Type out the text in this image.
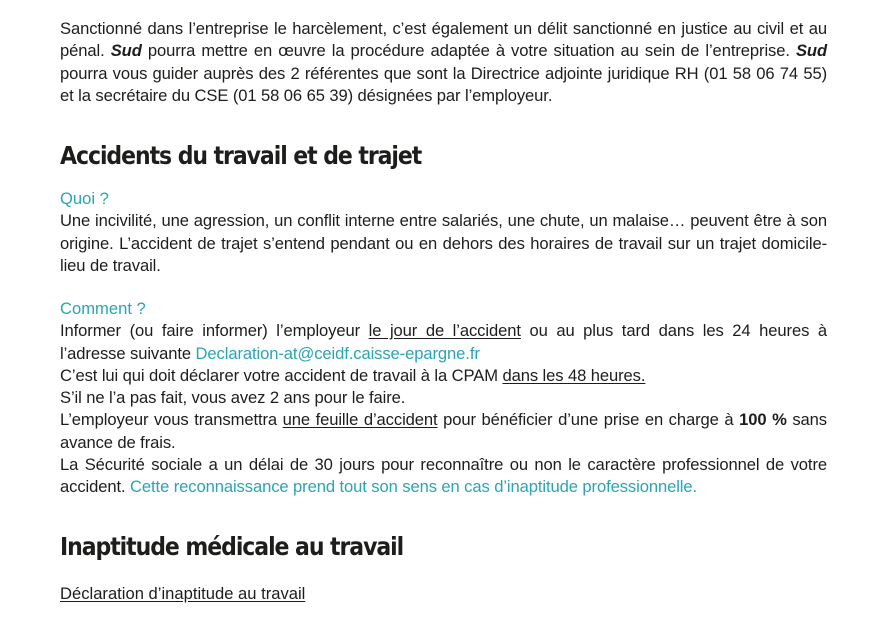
Sanctionné dans l’entreprise le harcèlement, c’est également un délit sanctionné en justice au civil et au pénal. Sud pourra mettre en œuvre la procédure adaptée à votre situation au sein de l’entreprise. Sud pourra vous guider auprès des 2 référentes que sont la Directrice adjointe juridique RH (01 58 06 74 55) et la secrétaire du CSE (01 58 06 65 39) désignées par l’employeur.

Accidents du travail et de trajet

Quoi ?

Une incivilité, une agression, un conflit interne entre salariés, une chute, un malaise… peuvent être à son origine. L’accident de trajet s’entend pendant ou en dehors des horaires de travail sur un trajet domicile-lieu de travail.

Comment ?

Informer (ou faire informer) l’employeur le jour de l’accident ou au plus tard dans les 24 heures à l’adresse suivante Declaration-at@ceidf.caisse-epargne.fr

C’est lui qui doit déclarer votre accident de travail à la CPAM dans les 48 heures.

S’il ne l’a pas fait, vous avez 2 ans pour le faire.

L’employeur vous transmettra une feuille d’accident pour bénéficier d’une prise en charge à 100 % sans avance de frais.

La Sécurité sociale a un délai de 30 jours pour reconnaître ou non le caractère professionnel de votre accident. Cette reconnaissance prend tout son sens en cas d’inaptitude professionnelle.

Inaptitude médicale au travail
Déclaration d’inaptitude au travail
